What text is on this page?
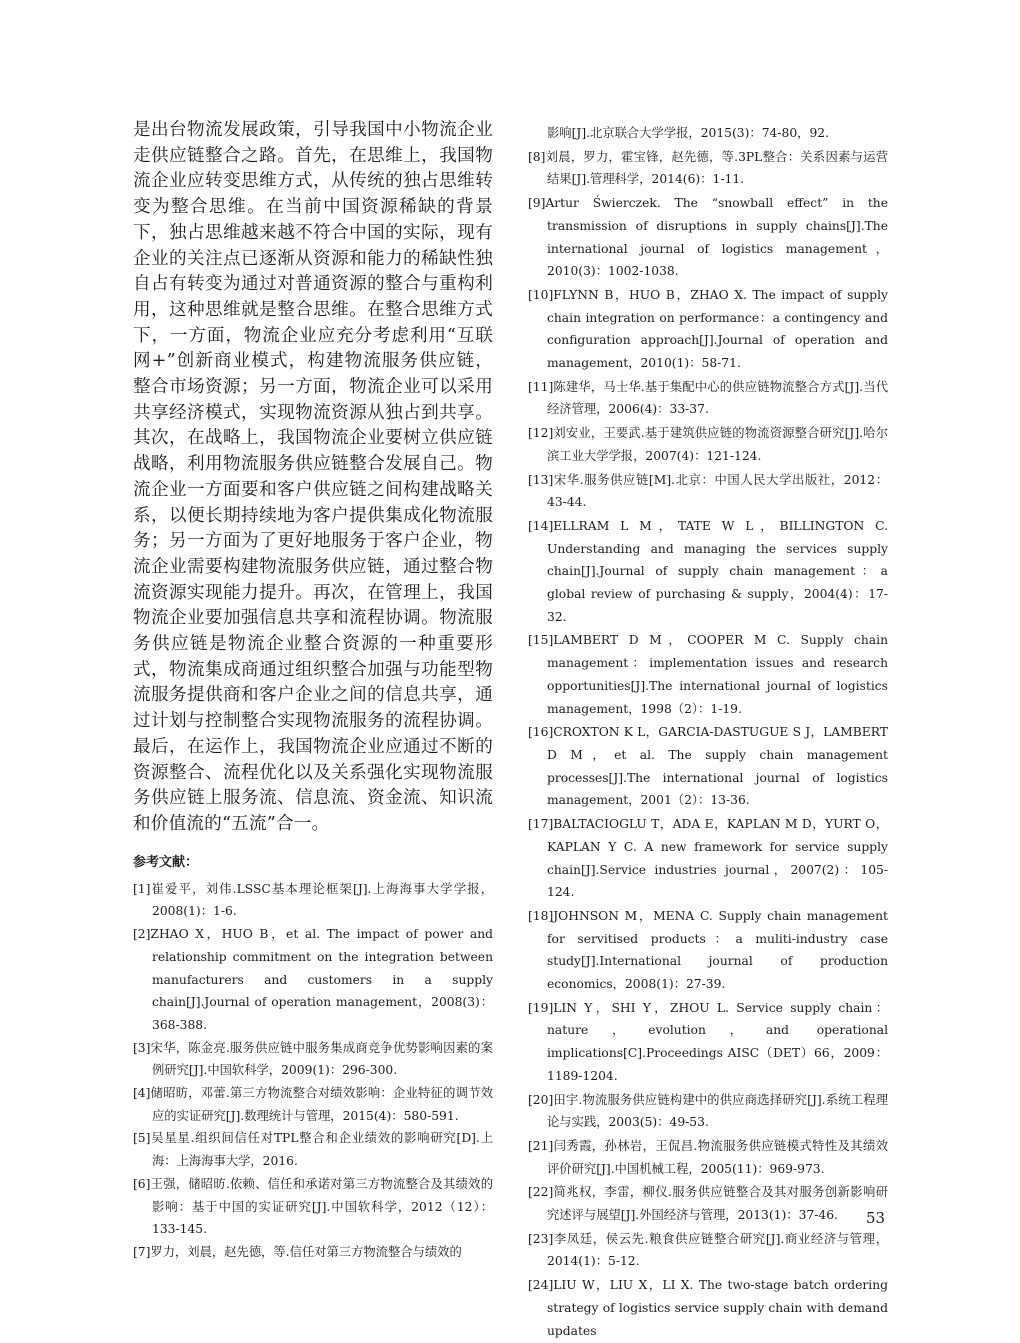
是出台物流发展政策，引导我国中小物流企业走供应链整合之路。首先，在思维上，我国物流企业应转变思维方式，从传统的独占思维转变为整合思维。在当前中国资源稀缺的背景下，独占思维越来越不符合中国的实际，现有企业的关注点已逐渐从资源和能力的稀缺性独自占有转变为通过对普通资源的整合与重构利用，这种思维就是整合思维。在整合思维方式下，一方面，物流企业应充分考虑利用“互联网+”创新商业模式，构建物流服务供应链，整合市场资源；另一方面，物流企业可以采用共享经济模式，实现物流资源从独占到共享。其次，在战略上，我国物流企业要树立供应链战略，利用物流服务供应链整合发展自己。物流企业一方面要和客户供应链之间构建战略关系，以便长期持续地为客户提供集成化物流服务；另一方面为了更好地服务于客户企业，物流企业需要构建物流服务供应链，通过整合物流资源实现能力提升。再次，在管理上，我国物流企业要加强信息共享和流程协调。物流服务供应链是物流企业整合资源的一种重要形式，物流集成商通过组织整合加强与功能型物流服务提供商和客户企业之间的信息共享，通过计划与控制整合实现物流服务的流程协调。最后，在运作上，我国物流企业应通过不断的资源整合、流程优化以及关系强化实现物流服务供应链上服务流、信息流、资金流、知识流和价值流的“五流”合一。

参考文献：

[1]崔爱平，刘伟.LSSC基本理论框架[J].上海海事大学学报，2008(1)：1-6.

[2]ZHAO X，HUO B，et al. The impact of power and relationship commitment on the integration between manufacturers and customers in a supply chain[J].Journal of operation management，2008(3)：368-388.

[3]宋华，陈金亮.服务供应链中服务集成商竞争优势影响因素的案例研究[J].中国软科学，2009(1)：296-300.

[4]储昭昉，邓蕾.第三方物流整合对绩效影响：企业特征的调节效应的实证研究[J].数理统计与管理，2015(4)：580-591.

[5]吴星星.组织间信任对TPL整合和企业绩效的影响研究[D].上海：上海海事大学，2016.

[6]王强，储昭昉.依赖、信任和承诺对第三方物流整合及其绩效的影响：基于中国的实证研究[J].中国软科学，2012（12）：133-145.

[7]罗力，刘晨，赵先德，等.信任对第三方物流整合与绩效的

影响[J].北京联合大学学报，2015(3)：74-80，92.

[8]刘晨，罗力，霍宝锋，赵先德，等.3PL整合：关系因素与运营结果[J].管理科学，2014(6)：1-11.

[9]Artur Świerczek. The “snowball effect” in the transmission of disruptions in supply chains[J].The international journal of logistics management，2010(3)：1002-1038.

[10]FLYNN B，HUO B，ZHAO X. The impact of supply chain integration on performance：a contingency and configuration approach[J].Journal of operation and management，2010(1)：58-71.

[11]陈建华，马士华.基于集配中心的供应链物流整合方式[J].当代经济管理，2006(4)：33-37.

[12]刘安业，王要武.基于建筑供应链的物流资源整合研究[J].哈尔滨工业大学学报，2007(4)：121-124.

[13]宋华.服务供应链[M].北京：中国人民大学出版社，2012：43-44.

[14]ELLRAM L M，TATE W L，BILLINGTON C. Understanding and managing the services supply chain[J].Journal of supply chain management：a global review of purchasing & supply，2004(4)：17-32.

[15]LAMBERT D M，COOPER M C. Supply chain management：implementation issues and research opportunities[J].The international journal of logistics management，1998（2）：1-19.

[16]CROXTON K L，GARCIA-DASTUGUE S J，LAMBERT D M，et al. The supply chain management processes[J].The international journal of logistics management，2001（2）：13-36.

[17]BALTACIOGLU T，ADA E，KAPLAN M D，YURT O，KAPLAN Y C. A new framework for service supply chain[J].Service industries journal，2007(2)：105-124.

[18]JOHNSON M，MENA C. Supply chain management for servitised products：a muliti-industry case study[J].International journal of production economics，2008(1)：27-39.

[19]LIN Y，SHI Y，ZHOU L. Service supply chain：nature，evolution，and operational implications[C].Proceedings AISC（DET）66，2009：1189-1204.

[20]田宇.物流服务供应链构建中的供应商选择研究[J].系统工程理论与实践，2003(5)：49-53.

[21]闫秀霞，孙林岩，王侃昌.物流服务供应链模式特性及其绩效评价研究[J].中国机械工程，2005(11)：969-973.

[22]简兆权，李雷，柳仪.服务供应链整合及其对服务创新影响研究述评与展望[J].外国经济与管理，2013(1)：37-46.

[23]李凤廷，侯云先.粮食供应链整合研究[J].商业经济与管理，2014(1)：5-12.

[24]LIU W，LIU X，LI X. The two-stage batch ordering strategy of logistics service supply chain with demand updates

53
